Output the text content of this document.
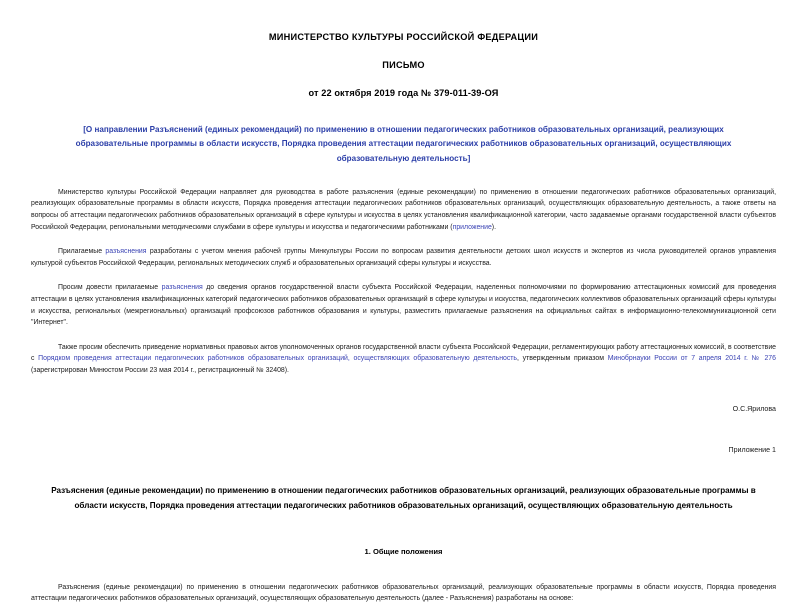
МИНИСТЕРСТВО КУЛЬТУРЫ РОССИЙСКОЙ ФЕДЕРАЦИИ
ПИСЬМО
от 22 октября 2019 года № 379-011-39-ОЯ
[О направлении Разъяснений (единых рекомендаций) по применению в отношении педагогических работников образовательных организаций, реализующих образовательные программы в области искусств, Порядка проведения аттестации педагогических работников образовательных организаций, осуществляющих образовательную деятельность]

Министерство культуры Российской Федерации направляет для руководства в работе разъяснения (единые рекомендации) по применению в отношении педагогических работников образовательных организаций, реализующих образовательные программы в области искусств, Порядка проведения аттестации педагогических работников образовательных организаций, осуществляющих образовательную деятельность, а также ответы на вопросы об аттестации педагогических работников образовательных организаций в сфере культуры и искусства в целях установления квалификационной категории, часто задаваемые органами государственной власти субъектов Российской Федерации, региональными методическими службами в сфере культуры и искусства и педагогическими работниками (приложение).

Прилагаемые разъяснения разработаны с учетом мнения рабочей группы Минкультуры России по вопросам развития деятельности детских школ искусств и экспертов из числа руководителей органов управления культурой субъектов Российской Федерации, региональных методических служб и образовательных организаций сферы культуры и искусства.

Просим довести прилагаемые разъяснения до сведения органов государственной власти субъекта Российской Федерации, наделенных полномочиями по формированию аттестационных комиссий для проведения аттестации в целях установления квалификационных категорий педагогических работников образовательных организаций в сфере культуры и искусства, педагогических коллективов образовательных организаций сферы культуры и искусства, региональных (межрегиональных) организаций профсоюзов работников образования и культуры, разместить прилагаемые разъяснения на официальных сайтах в информационно-телекоммуникационной сети "Интернет".

Также просим обеспечить приведение нормативных правовых актов уполномоченных органов государственной власти субъекта Российской Федерации, регламентирующих работу аттестационных комиссий, в соответствие с Порядком проведения аттестации педагогических работников образовательных организаций, осуществляющих образовательную деятельность, утвержденным приказом Минобрнауки России от 7 апреля 2014 г. № 276 (зарегистрирован Минюстом России 23 мая 2014 г., регистрационный № 32408).

О.С.Ярилова
Приложение 1
Разъяснения (единые рекомендации) по применению в отношении педагогических работников образовательных организаций, реализующих образовательные программы в области искусств, Порядка проведения аттестации педагогических работников образовательных организаций, осуществляющих образовательную деятельность
1. Общие положения

Разъяснения (единые рекомендации) по применению в отношении педагогических работников образовательных организаций, реализующих образовательные программы в области искусств, Порядка проведения аттестации педагогических работников образовательных организаций, осуществляющих образовательную деятельность (далее - Разъяснения) разработаны на основе:
